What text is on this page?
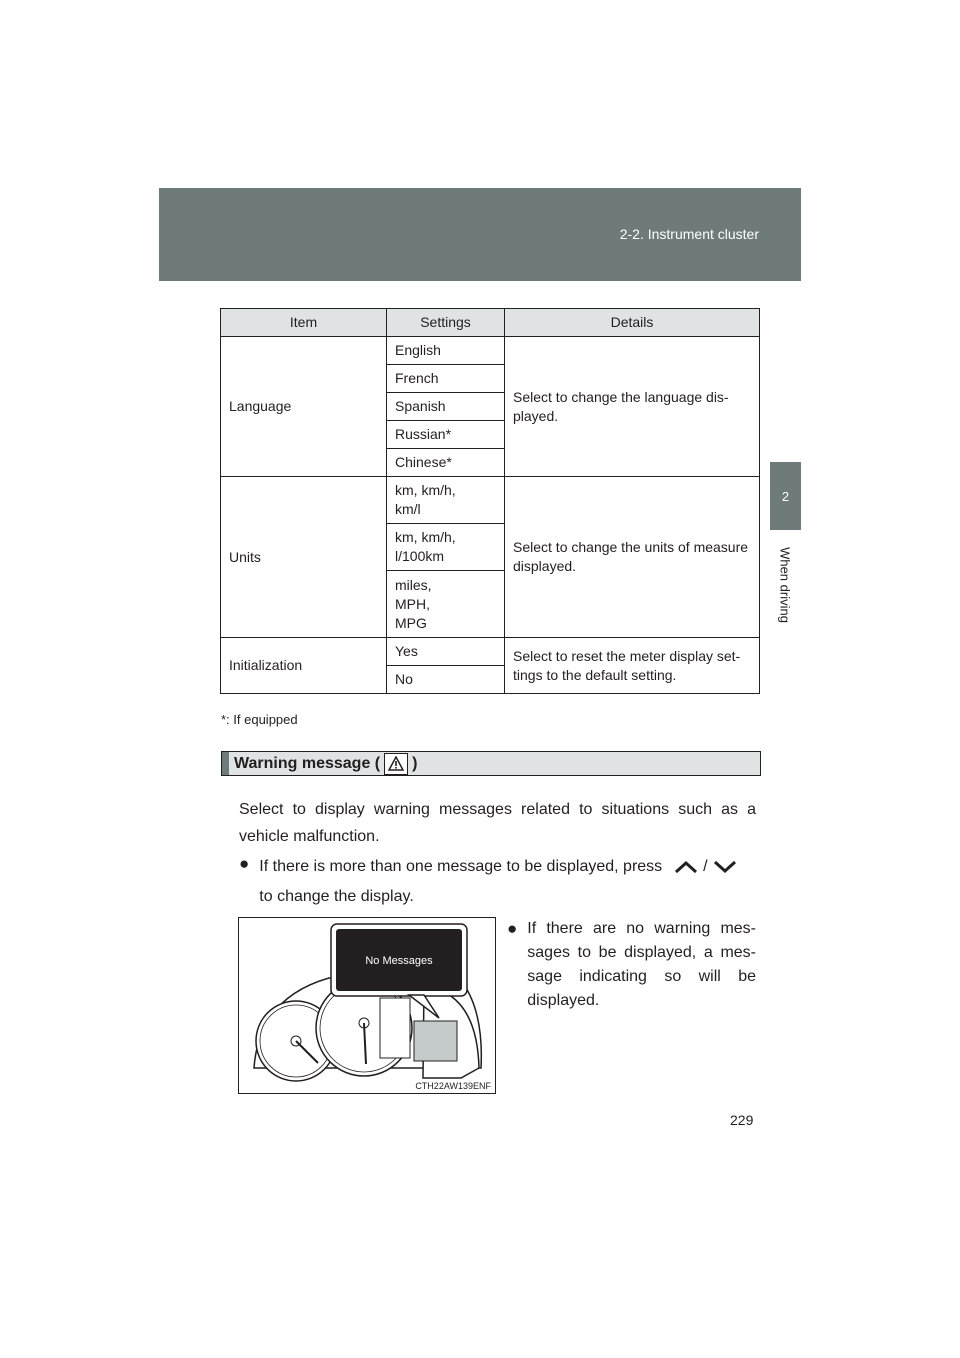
2-2. Instrument cluster
2
When driving
Item	Settings	Details
Language	English	Select to change the language dis-
played.
	French	
	Spanish	
	Russian*	
	Chinese*	
Units	km, km/h,
km/l	Select to change the units of measure
displayed.
	km, km/h,
l/100km	
	miles,
MPH,
MPG	
Initialization	Yes	Select to reset the meter display set-
tings to the default setting.
	No	
*: If equipped
Warning message ( )
Select to display warning messages related to situations such as a vehicle malfunction.
● If there is more than one message to be displayed, press	/
to change the display.
No Messages
CTH22AW139ENF
● If there are no warning mes-sages to be displayed, a mes-sage indicating so will be displayed.
229
